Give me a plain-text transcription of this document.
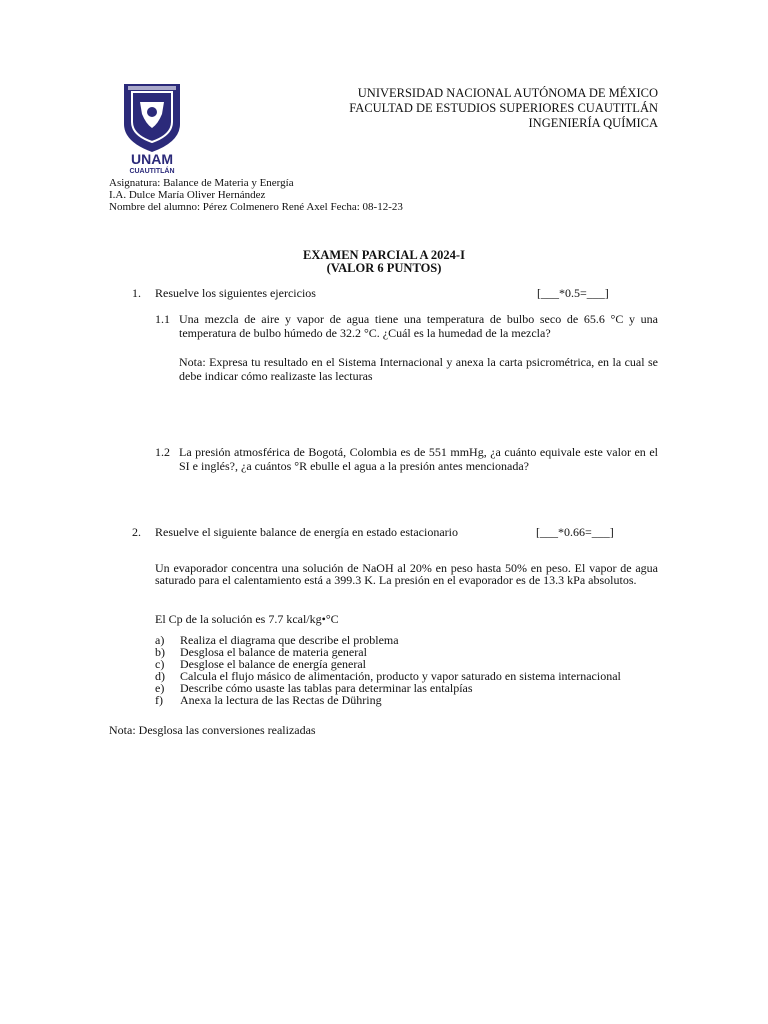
UNAM
CUAUTITLÁN
UNIVERSIDAD NACIONAL AUTÓNOMA DE MÉXICO
FACULTAD DE ESTUDIOS SUPERIORES CUAUTITLÁN
INGENIERÍA QUÍMICA
Asignatura: Balance de Materia y Energía
I.A. Dulce María Oliver Hernández
Nombre del alumno: Pérez Colmenero René Axel Fecha: 08-12-23
EXAMEN PARCIAL A 2024-I
(VALOR 6 PUNTOS)
1. Resuelve los siguientes ejercicios	[___*0.5=___]
1.1 Una mezcla de aire y vapor de agua tiene una temperatura de bulbo seco de 65.6 °C y una temperatura de bulbo húmedo de 32.2 °C. ¿Cuál es la humedad de la mezcla?
Nota: Expresa tu resultado en el Sistema Internacional y anexa la carta psicrométrica, en la cual se debe indicar cómo realizaste las lecturas
1.2 La presión atmosférica de Bogotá, Colombia es de 551 mmHg, ¿a cuánto equivale este valor en el SI e inglés?, ¿a cuántos °R ebulle el agua a la presión antes mencionada?
2. Resuelve el siguiente balance de energía en estado estacionario	[___*0.66=___]
Un evaporador concentra una solución de NaOH al 20% en peso hasta 50% en peso. El vapor de agua saturado para el calentamiento está a 399.3 K. La presión en el evaporador es de 13.3 kPa absolutos.
El Cp de la solución es 7.7 kcal/kg•°C
a) Realiza el diagrama que describe el problema
b) Desglosa el balance de materia general
c) Desglose el balance de energía general
d) Calcula el flujo másico de alimentación, producto y vapor saturado en sistema internacional
e) Describe cómo usaste las tablas para determinar las entalpías
f) Anexa la lectura de las Rectas de Dühring
Nota: Desglosa las conversiones realizadas
